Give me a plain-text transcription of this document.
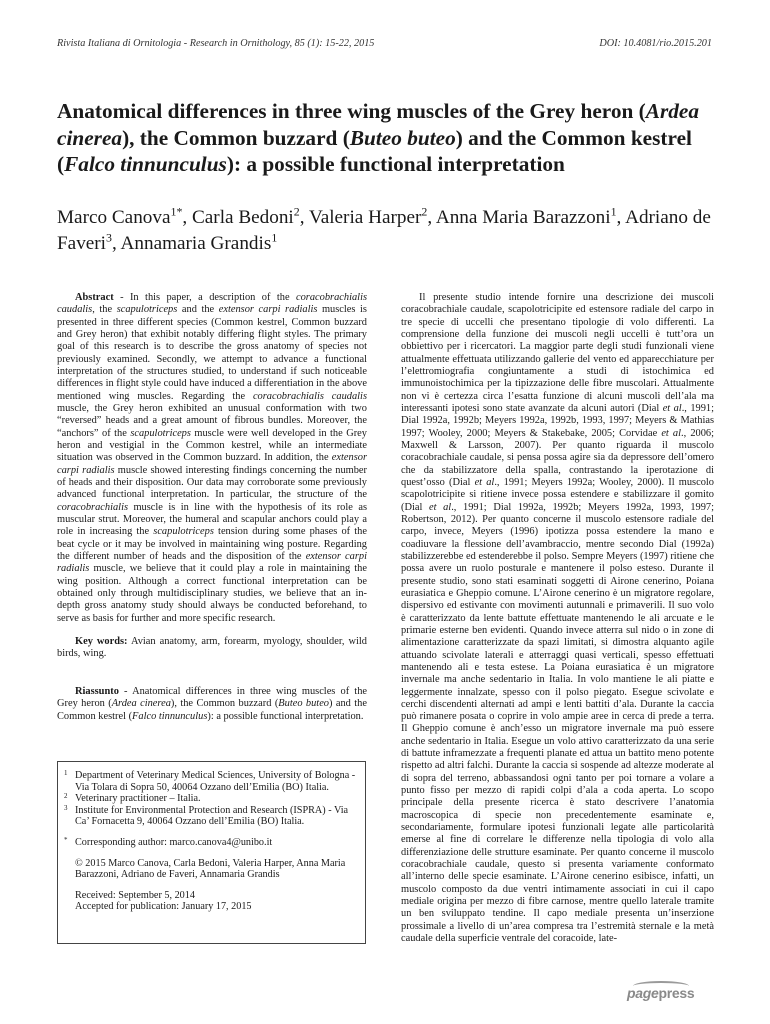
Rivista Italiana di Ornitologia - Research in Ornithology, 85 (1): 15-22, 2015	DOI: 10.4081/rio.2015.201
Anatomical differences in three wing muscles of the Grey heron (Ardea cinerea), the Common buzzard (Buteo buteo) and the Common kestrel (Falco tinnunculus): a possible functional interpretation
Marco Canova$^{1*}$, Carla Bedoni$^2$, Valeria Harper$^2$, Anna Maria Barazzoni$^1$, Adriano de Faveri$^3$, Annamaria Grandis$^1$

Abstract - In this paper, a description of the coracobrachialis caudalis, the scapulotriceps and the extensor carpi radialis muscles is presented in three different species (Common kestrel, Common buzzard and Grey heron) that exhibit notably differing flight styles. The primary goal of this research is to describe the gross anatomy of species not previously examined. Secondly, we attempt to advance a functional interpretation of the structures studied, to understand if such noticeable differences in flight style could have induced a differentiation in the above mentioned wing muscles. Regarding the coracobrachialis caudalis muscle, the Grey heron exhibited an unusual conformation with two “reversed” heads and a great amount of fibrous bundles. Moreover, the “anchors” of the scapulotriceps muscle were well developed in the Grey heron and vestigial in the Common kestrel, while an intermediate situation was observed in the Common buzzard. In addition, the extensor carpi radialis muscle showed interesting findings concerning the number of heads and their disposition. Our data may corroborate some previously advanced functional interpretation. In particular, the structure of the coracobrachialis muscle is in line with the hypothesis of its role as muscular strut. Moreover, the humeral and scapular anchors could play a role in increasing the scapulotriceps tension during some phases of the beat cycle or it may be involved in maintaining wing posture. Regarding the different number of heads and the disposition of the extensor carpi radialis muscle, we believe that it could play a role in maintaining the wing position. Although a correct functional interpretation can be obtained only through multidisciplinary studies, we believe that an in-depth gross anatomy study should always be conducted beforehand, to serve as basis for further and more specific research.

Key words: Avian anatomy, arm, forearm, myology, shoulder, wild birds, wing.

Riassunto - Anatomical differences in three wing muscles of the Grey heron (Ardea cinerea), the Common buzzard (Buteo buteo) and the Common kestrel (Falco tinnunculus): a possible functional interpretation.

1 Department of Veterinary Medical Sciences, University of Bologna - Via Tolara di Sopra 50, 40064 Ozzano dell’Emilia (BO) Italia.

2 Veterinary practitioner – Italia.

3 Institute for Environmental Protection and Research (ISPRA) - Via Ca’ Fornacetta 9, 40064 Ozzano dell’Emilia (BO) Italia.

* Corresponding author: marco.canova4@unibo.it

© 2015 Marco Canova, Carla Bedoni, Valeria Harper, Anna Maria Barazzoni, Adriano de Faveri, Annamaria Grandis

Received: September 5, 2014

Accepted for publication: January 17, 2015

Il presente studio intende fornire una descrizione dei muscoli coracobrachiale caudale, scapolotricipite ed estensore radiale del carpo in tre specie di uccelli che presentano tipologie di volo differenti. La comprensione della funzione dei muscoli negli uccelli è tutt’ora un obbiettivo per i ricercatori. La maggior parte degli studi funzionali viene attualmente effettuata utilizzando gallerie del vento ed apparecchiature per l’elettromiografia congiuntamente a studi di istochimica ed immunoistochimica per la tipizzazione delle fibre muscolari. Attualmente non vi è certezza circa l’esatta funzione di alcuni muscoli dell’ala ma interessanti ipotesi sono state avanzate da alcuni autori (Dial et al., 1991; Dial 1992a, 1992b; Meyers 1992a, 1992b, 1993, 1997; Meyers & Mathias 1997; Wooley, 2000; Meyers & Stakebake, 2005; Corvidae et al., 2006; Maxwell & Larsson, 2007). Per quanto riguarda il muscolo coracobrachiale caudale, si pensa possa agire sia da depressore dell’omero che da stabilizzatore della spalla, contrastando la iperotazione di quest’osso (Dial et al., 1991; Meyers 1992a; Wooley, 2000). Il muscolo scapolotricipite si ritiene invece possa estendere e stabilizzare il gomito (Dial et al., 1991; Dial 1992a, 1992b; Meyers 1992a, 1993, 1997; Robertson, 2012). Per quanto concerne il muscolo estensore radiale del carpo, invece, Meyers (1996) ipotizza possa estendere la mano e coadiuvare la flessione dell’avambraccio, mentre secondo Dial (1992a) stabilizzerebbe ed estenderebbe il polso. Sempre Meyers (1997) ritiene che possa avere un ruolo posturale e mantenere il polso esteso. Durante il presente studio, sono stati esaminati soggetti di Airone cenerino, Poiana eurasiatica e Gheppio comune. L’Airone cenerino è un migratore regolare, dispersivo ed estivante con movimenti autunnali e primaverili. Il suo volo è caratterizzato da lente battute effettuate mantenendo le ali arcuate e le primarie esterne ben evidenti. Quando invece atterra sul nido o in zone di alimentazione caratterizzate da spazi limitati, si dimostra alquanto agile attuando scivolate laterali e atterraggi quasi verticali, spesso effettuati mantenendo ali e testa estese. La Poiana eurasiatica è un migratore invernale ma anche sedentario in Italia. In volo mantiene le ali piatte e leggermente innalzate, spesso con il polso piegato. Esegue scivolate e cerchi discendenti alternati ad ampi e lenti battiti d’ala. Durante la caccia può rimanere posata o coprire in volo ampie aree in cerca di prede a terra. Il Gheppio comune è anch’esso un migratore invernale ma può essere anche sedentario in Italia. Esegue un volo attivo caratterizzato da una serie di battute inframezzate a frequenti planate ed attua un battito meno potente rispetto ad altri falchi. Durante la caccia si sospende ad altezze moderate al di sopra del terreno, abbassandosi ogni tanto per poi tornare a volare a punto fisso per mezzo di rapidi colpi d’ala a coda aperta. Lo scopo principale della presente ricerca è stato descrivere l’anatomia macroscopica di specie non precedentemente esaminate e, secondariamente, formulare ipotesi funzionali legate alle particolarità emerse al fine di correlare le differenze nella tipologia di volo alla differenziazione delle strutture esaminate. Per quanto concerne il muscolo coracobrachiale caudale, questo si presenta variamente conformato all’interno delle specie esaminate. L’Airone cenerino esibisce, infatti, un muscolo composto da due ventri intimamente associati in cui il capo mediale origina per mezzo di fibre carnose, mentre quello laterale tramite un ben sviluppato tendine. Il capo mediale presenta un’inserzione prossimale a livello di un’area compresa tra l’estremità sternale e la metà caudale della superficie ventrale del coracoide, late-

pagepress
